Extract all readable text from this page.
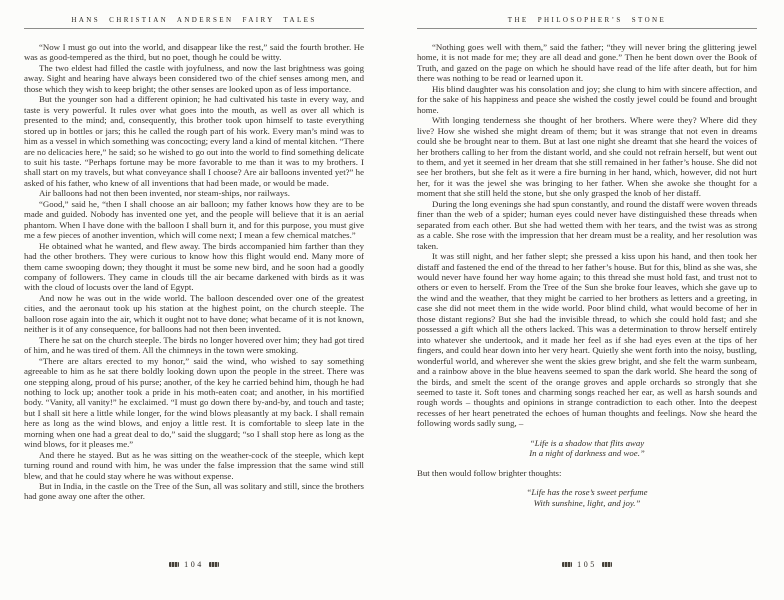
HANS CHRISTIAN ANDERSEN FAIRY TALES

“Now I must go out into the world, and disappear like the rest,” said the fourth brother. He was as good-tempered as the third, but no poet, though he could be witty.

The two eldest had filled the castle with joyfulness, and now the last brightness was going away. Sight and hearing have always been considered two of the chief senses among men, and those which they wish to keep bright; the other senses are looked upon as of less importance.

But the younger son had a different opinion; he had cultivated his taste in every way, and taste is very powerful. It rules over what goes into the mouth, as well as over all which is presented to the mind; and, consequently, this brother took upon himself to taste everything stored up in bottles or jars; this he called the rough part of his work. Every man’s mind was to him as a vessel in which something was concocting; every land a kind of mental kitchen. “There are no delicacies here,” he said; so he wished to go out into the world to find something delicate to suit his taste. “Perhaps fortune may be more favorable to me than it was to my brothers. I shall start on my travels, but what conveyance shall I choose? Are air balloons invented yet?” he asked of his father, who knew of all inventions that had been made, or would be made.

Air balloons had not then been invented, nor steam-ships, nor railways.

“Good,” said he, “then I shall choose an air balloon; my father knows how they are to be made and guided. Nobody has invented one yet, and the people will believe that it is an aerial phantom. When I have done with the balloon I shall burn it, and for this purpose, you must give me a few pieces of another invention, which will come next; I mean a few chemical matches.”

He obtained what he wanted, and flew away. The birds accompanied him farther than they had the other brothers. They were curious to know how this flight would end. Many more of them came swooping down; they thought it must be some new bird, and he soon had a goodly company of followers. They came in clouds till the air became darkened with birds as it was with the cloud of locusts over the land of Egypt.

And now he was out in the wide world. The balloon descended over one of the greatest cities, and the aeronaut took up his station at the highest point, on the church steeple. The balloon rose again into the air, which it ought not to have done; what became of it is not known, neither is it of any consequence, for balloons had not then been invented.

There he sat on the church steeple. The birds no longer hovered over him; they had got tired of him, and he was tired of them. All the chimneys in the town were smoking.

“There are altars erected to my honor,” said the wind, who wished to say something agreeable to him as he sat there boldly looking down upon the people in the street. There was one stepping along, proud of his purse; another, of the key he carried behind him, though he had nothing to lock up; another took a pride in his moth-eaten coat; and another, in his mortified body. “Vanity, all vanity!” he exclaimed. “I must go down there by-and-by, and touch and taste; but I shall sit here a little while longer, for the wind blows pleasantly at my back. I shall remain here as long as the wind blows, and enjoy a little rest. It is comfortable to sleep late in the morning when one had a great deal to do,” said the sluggard; “so I shall stop here as long as the wind blows, for it pleases me.”

And there he stayed. But as he was sitting on the weather-cock of the steeple, which kept turning round and round with him, he was under the false impression that the same wind still blew, and that he could stay where he was without expense.

But in India, in the castle on the Tree of the Sun, all was solitary and still, since the brothers had gone away one after the other.

104
THE PHILOSOPHER’S STONE

“Nothing goes well with them,” said the father; “they will never bring the glittering jewel home, it is not made for me; they are all dead and gone.” Then he bent down over the Book of Truth, and gazed on the page on which he should have read of the life after death, but for him there was nothing to be read or learned upon it.

His blind daughter was his consolation and joy; she clung to him with sincere affection, and for the sake of his happiness and peace she wished the costly jewel could be found and brought home.

With longing tenderness she thought of her brothers. Where were they? Where did they live? How she wished she might dream of them; but it was strange that not even in dreams could she be brought near to them. But at last one night she dreamt that she heard the voices of her brothers calling to her from the distant world, and she could not refrain herself, but went out to them, and yet it seemed in her dream that she still remained in her father’s house. She did not see her brothers, but she felt as it were a fire burning in her hand, which, however, did not hurt her, for it was the jewel she was bringing to her father. When she awoke she thought for a moment that she still held the stone, but she only grasped the knob of her distaff.

During the long evenings she had spun constantly, and round the distaff were woven threads finer than the web of a spider; human eyes could never have distinguished these threads when separated from each other. But she had wetted them with her tears, and the twist was as strong as a cable. She rose with the impression that her dream must be a reality, and her resolution was taken.

It was still night, and her father slept; she pressed a kiss upon his hand, and then took her distaff and fastened the end of the thread to her father’s house. But for this, blind as she was, she would never have found her way home again; to this thread she must hold fast, and trust not to others or even to herself. From the Tree of the Sun she broke four leaves, which she gave up to the wind and the weather, that they might be carried to her brothers as letters and a greeting, in case she did not meet them in the wide world. Poor blind child, what would become of her in those distant regions? But she had the invisible thread, to which she could hold fast; and she possessed a gift which all the others lacked. This was a determination to throw herself entirely into whatever she undertook, and it made her feel as if she had eyes even at the tips of her fingers, and could hear down into her very heart. Quietly she went forth into the noisy, bustling, wonderful world, and wherever she went the skies grew bright, and she felt the warm sunbeam, and a rainbow above in the blue heavens seemed to span the dark world. She heard the song of the birds, and smelt the scent of the orange groves and apple orchards so strongly that she seemed to taste it. Soft tones and charming songs reached her ear, as well as harsh sounds and rough words – thoughts and opinions in strange contradiction to each other. Into the deepest recesses of her heart penetrated the echoes of human thoughts and feelings. Now she heard the following words sadly sung, –

“Life is a shadow that flits away
In a night of darkness and woe.”

But then would follow brighter thoughts:

“Life has the rose’s sweet perfume
With sunshine, light, and joy.”
105
